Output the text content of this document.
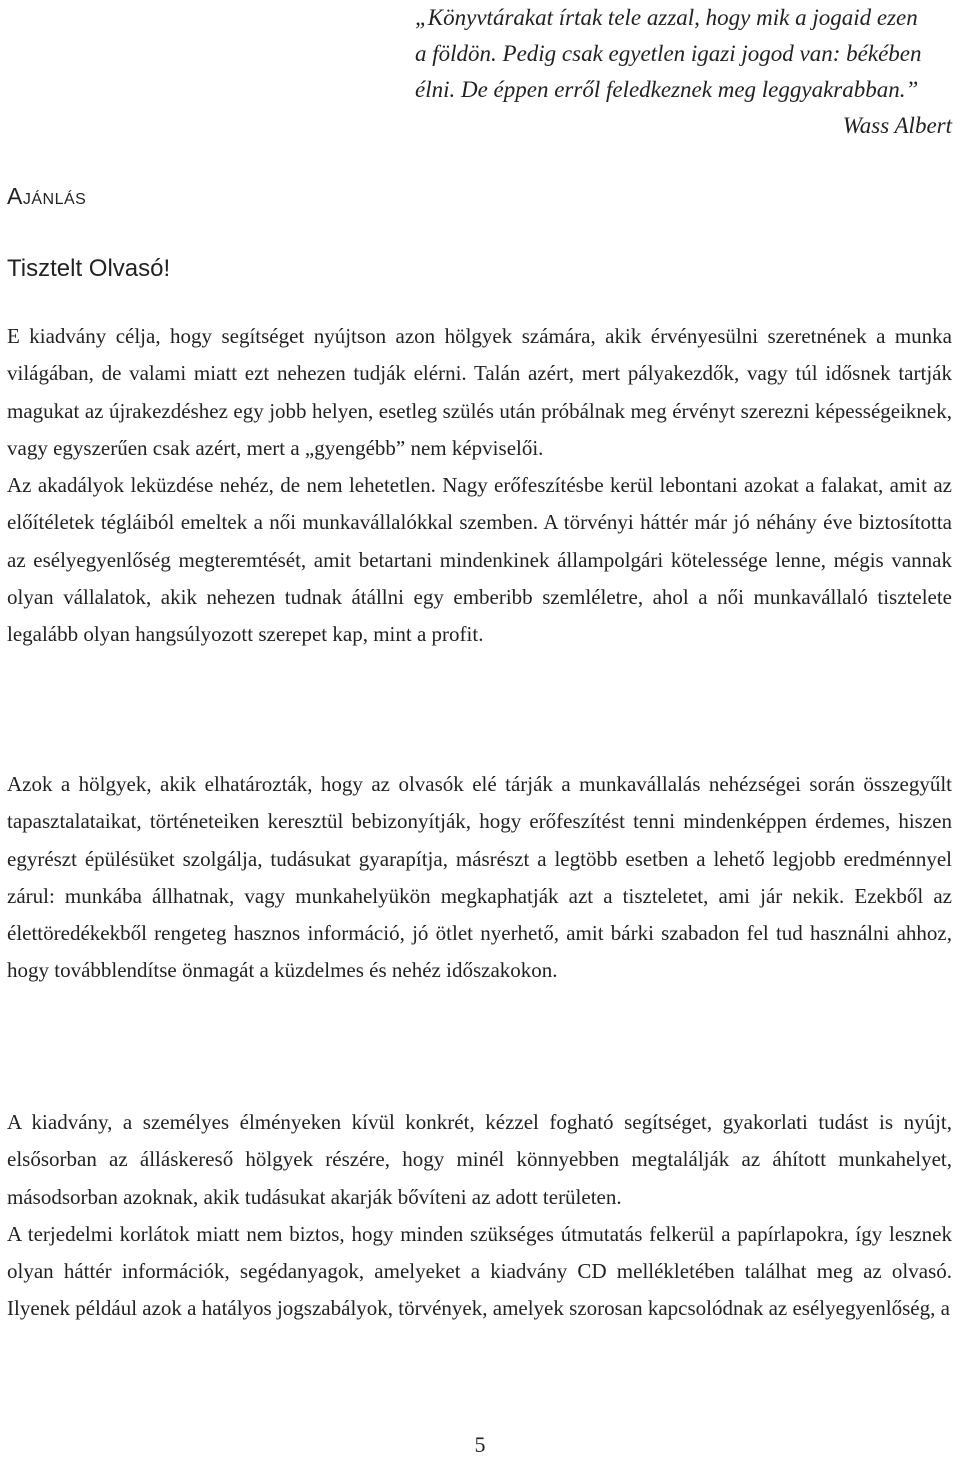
„Könyvtárakat írtak tele azzal, hogy mik a jogaid ezen
a földön. Pedig csak egyetlen igazi jogod van: békében
élni. De éppen erről feledkeznek meg leggyakrabban.”
Wass Albert
Ajánlás
Tisztelt Olvasó!

E kiadvány célja, hogy segítséget nyújtson azon hölgyek számára, akik érvényesülni szeretnének a munka világában, de valami miatt ezt nehezen tudják elérni. Talán azért, mert pályakezdők, vagy túl idősnek tartják magukat az újrakezdéshez egy jobb helyen, esetleg szülés után próbálnak meg érvényt szerezni képességeiknek, vagy egyszerűen csak azért, mert a „gyengébb” nem képviselői.

Az akadályok leküzdése nehéz, de nem lehetetlen. Nagy erőfeszítésbe kerül lebontani azokat a falakat, amit az előítéletek tégláiból emeltek a női munkavállalókkal szemben. A törvényi háttér már jó néhány éve biztosította az esélyegyenlőség megteremtését, amit betartani mindenkinek állampolgári kötelessége lenne, mégis vannak olyan vállalatok, akik nehezen tudnak átállni egy emberibb szemléletre, ahol a női munkavállaló tisztelete legalább olyan hangsúlyozott szerepet kap, mint a profit.

Azok a hölgyek, akik elhatározták, hogy az olvasók elé tárják a munkavállalás nehézségei során összegyűlt tapasztalataikat, történeteiken keresztül bebizonyítják, hogy erőfeszítést tenni mindenképpen érdemes, hiszen egyrészt épülésüket szolgálja, tudásukat gyarapítja, másrészt a legtöbb esetben a lehető legjobb eredménnyel zárul: munkába állhatnak, vagy munkahelyükön megkaphatják azt a tiszteletet, ami jár nekik. Ezekből az élettöredékekből rengeteg hasznos információ, jó ötlet nyerhető, amit bárki szabadon fel tud használni ahhoz, hogy továbblendítse önmagát a küzdelmes és nehéz időszakokon.

A kiadvány, a személyes élményeken kívül konkrét, kézzel fogható segítséget, gyakorlati tudást is nyújt, elsősorban az álláskereső hölgyek részére, hogy minél könnyebben megtalálják az áhított munkahelyet, másodsorban azoknak, akik tudásukat akarják bővíteni az adott területen.

A terjedelmi korlátok miatt nem biztos, hogy minden szükséges útmutatás felkerül a papírlapokra, így lesznek olyan háttér információk, segédanyagok, amelyeket a kiadvány CD mellékletében találhat meg az olvasó. Ilyenek például azok a hatályos jogszabályok, törvények, amelyek szorosan kapcsolódnak az esélyegyenlőség, a

5
